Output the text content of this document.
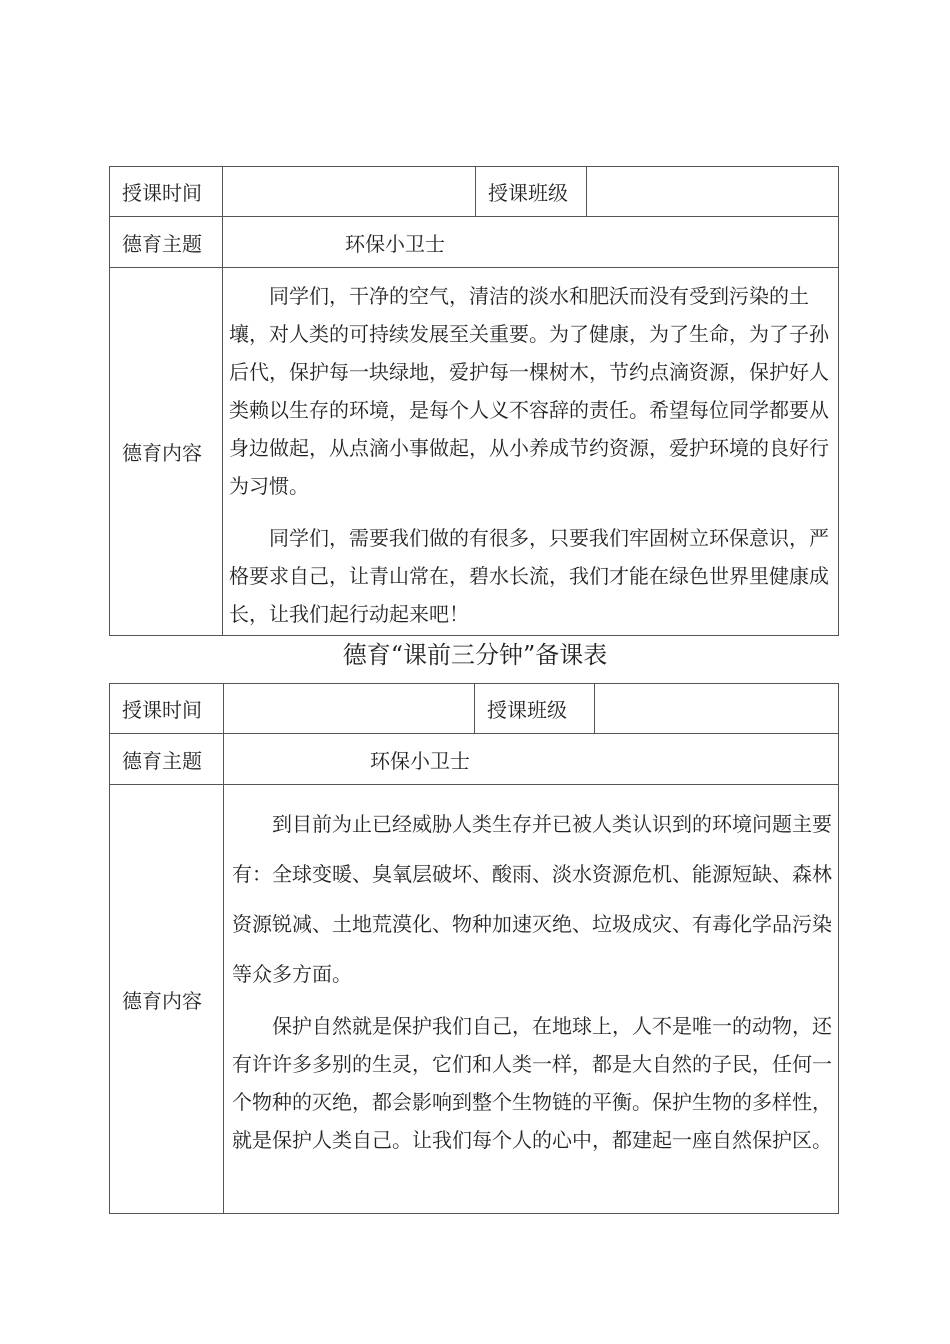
授课时间		授课班级	
德育主题	环保小卫士		
德育内容	同学们，干净的空气，清洁的淡水和肥沃而没有受到污染的土壤，对人类的可持续发展至关重要。为了健康，为了生命，为了子孙后代，保护每一块绿地，爱护每一棵树木，节约点滴资源，保护好人类赖以生存的环境，是每个人义不容辞的责任。希望每位同学都要从身边做起，从点滴小事做起，从小养成节约资源，爱护环境的良好行为习惯。

同学们，需要我们做的有很多，只要我们牢固树立环保意识，严格要求自己，让青山常在，碧水长流，我们才能在绿色世界里健康成长，让我们起行动起来吧！		

德育“课前三分钟”备课表
授课时间		授课班级	
德育主题	环保小卫士		
德育内容	到目前为止已经威胁人类生存并已被人类认识到的环境问题主要有：全球变暖、臭氧层破坏、酸雨、淡水资源危机、能源短缺、森林资源锐减、土地荒漠化、物种加速灭绝、垃圾成灾、有毒化学品污染等众多方面。

保护自然就是保护我们自己，在地球上，人不是唯一的动物，还有许许多多别的生灵，它们和人类一样，都是大自然的子民，任何一个物种的灭绝，都会影响到整个生物链的平衡。保护生物的多样性，就是保护人类自己。让我们每个人的心中，都建起一座自然保护区。		
